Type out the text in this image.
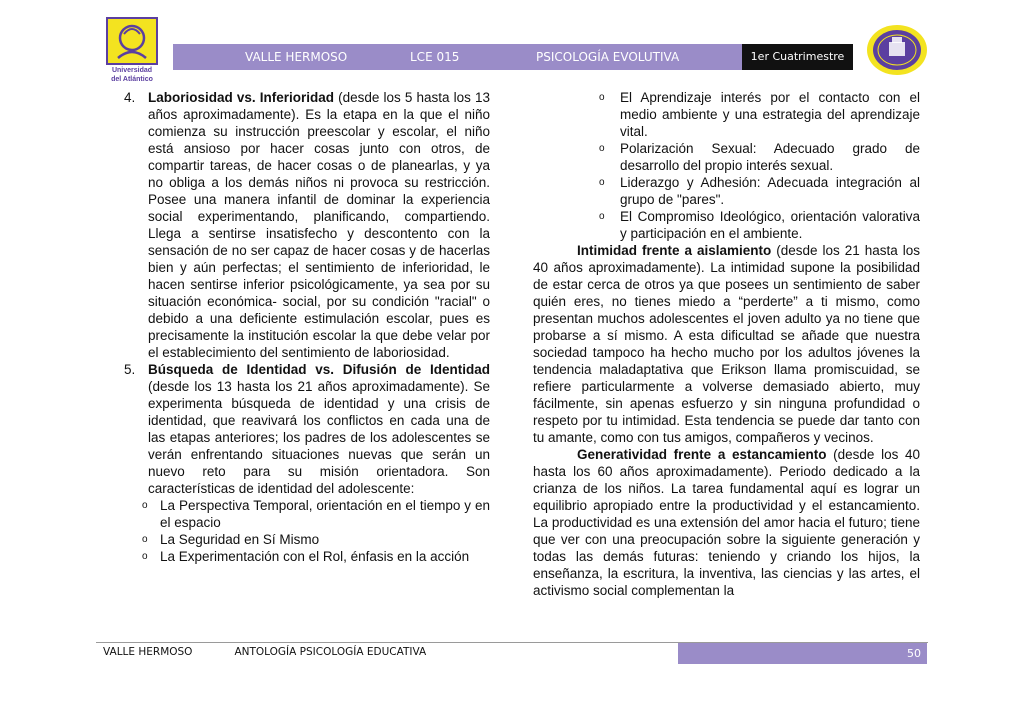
Universidad
del Atlántico
VALLE HERMOSO	LCE 015	PSICOLOGÍA EVOLUTIVA	1er Cuatrimestre
4. Laboriosidad vs. Inferioridad (desde los 5 hasta los 13 años aproximadamente). Es la etapa en la que el niño comienza su instrucción preescolar y escolar, el niño está ansioso por hacer cosas junto con otros, de compartir tareas, de hacer cosas o de planearlas, y ya no obliga a los demás niños ni provoca su restricción. Posee una manera infantil de dominar la experiencia social experimentando, planificando, compartiendo. Llega a sentirse insatisfecho y descontento con la sensación de no ser capaz de hacer cosas y de hacerlas bien y aún perfectas; el sentimiento de inferioridad, le hacen sentirse inferior psicológicamente, ya sea por su situación económica- social, por su condición "racial" o debido a una deficiente estimulación escolar, pues es precisamente la institución escolar la que debe velar por el establecimiento del sentimiento de laboriosidad.
5. Búsqueda de Identidad vs. Difusión de Identidad (desde los 13 hasta los 21 años aproximadamente). Se experimenta búsqueda de identidad y una crisis de identidad, que reavivará los conflictos en cada una de las etapas anteriores; los padres de los adolescentes se verán enfrentando situaciones nuevas que serán un nuevo reto para su misión orientadora. Son características de identidad del adolescente:
o La Perspectiva Temporal, orientación en el tiempo y en el espacio
o La Seguridad en Sí Mismo
o La Experimentación con el Rol, énfasis en la acción
o El Aprendizaje interés por el contacto con el medio ambiente y una estrategia del aprendizaje vital.
o Polarización Sexual: Adecuado grado de desarrollo del propio interés sexual.
o Liderazgo y Adhesión: Adecuada integración al grupo de "pares".
o El Compromiso Ideológico, orientación valorativa y participación en el ambiente.
Intimidad frente a aislamiento (desde los 21 hasta los 40 años aproximadamente). La intimidad supone la posibilidad de estar cerca de otros ya que posees un sentimiento de saber quién eres, no tienes miedo a “perderte” a ti mismo, como presentan muchos adolescentes el joven adulto ya no tiene que probarse a sí mismo. A esta dificultad se añade que nuestra sociedad tampoco ha hecho mucho por los adultos jóvenes la tendencia maladaptativa que Erikson llama promiscuidad, se refiere particularmente a volverse demasiado abierto, muy fácilmente, sin apenas esfuerzo y sin ninguna profundidad o respeto por tu intimidad. Esta tendencia se puede dar tanto con tu amante, como con tus amigos, compañeros y vecinos.
Generatividad frente a estancamiento (desde los 40 hasta los 60 años aproximadamente). Periodo dedicado a la crianza de los niños. La tarea fundamental aquí es lograr un equilibrio apropiado entre la productividad y el estancamiento. La productividad es una extensión del amor hacia el futuro; tiene que ver con una preocupación sobre la siguiente generación y todas las demás futuras: teniendo y criando los hijos, la enseñanza, la escritura, la inventiva, las ciencias y las artes, el activismo social complementan la
VALLE HERMOSO	ANTOLOGÍA PSICOLOGÍA EDUCATIVA	50
